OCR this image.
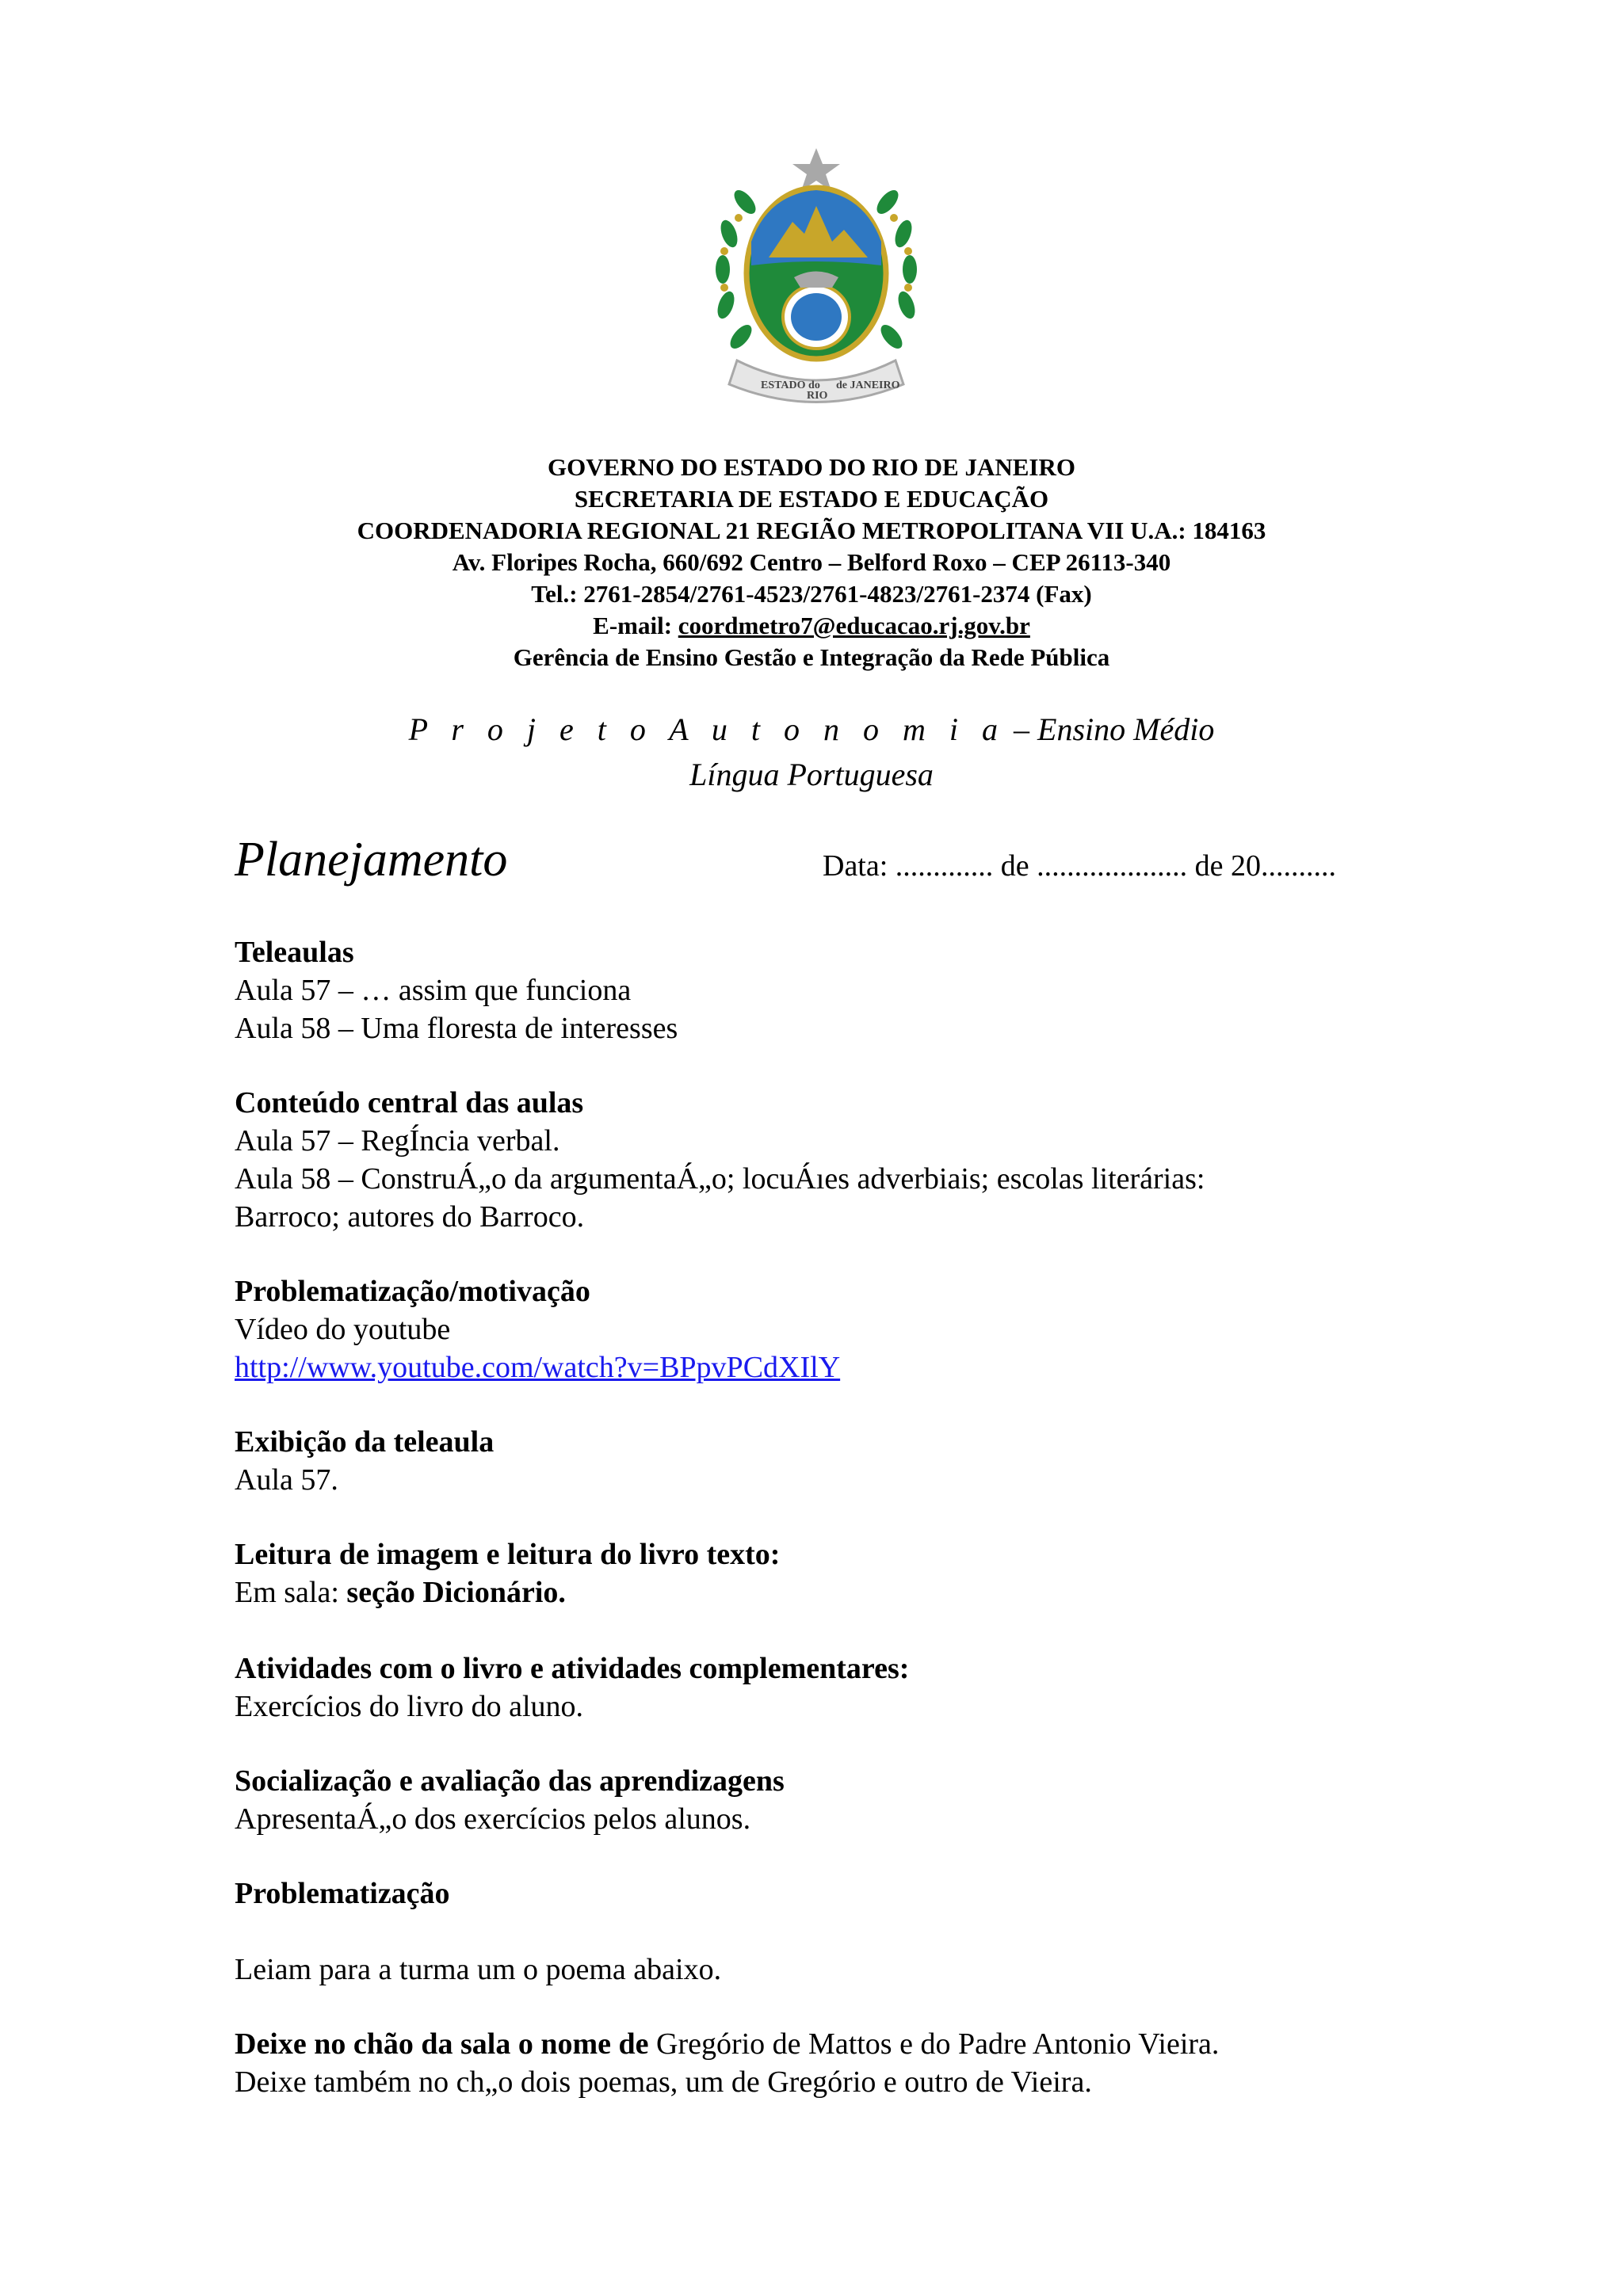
ESTADO do
RIO
de JANEIRO
GOVERNO DO ESTADO DO RIO DE JANEIRO
SECRETARIA DE ESTADO E EDUCAÇÃO
COORDENADORIA REGIONAL 21 REGIÃO METROPOLITANA VII U.A.: 184163
Av. Floripes Rocha, 660/692 Centro – Belford Roxo – CEP 26113-340
Tel.: 2761-2854/2761-4523/2761-4823/2761-2374 (Fax)
E-mail: coordmetro7@educacao.rj.gov.br
Gerência de Ensino Gestão e Integração da Rede Pública
P r o j e t o A u t o n o m i a – Ensino Médio
Língua Portuguesa
Planejamento	Data: ............. de .................... de 20..........
Teleaulas
Aula 57 – … assim que funciona
Aula 58 – Uma floresta de interesses
Conteúdo central das aulas
Aula 57 – RegÍncia verbal.
Aula 58 – ConstruÁ„o da argumentaÁ„o; locuÁıes adverbiais; escolas literárias:
Barroco; autores do Barroco.
Problematização/motivação
Vídeo do youtube
http://www.youtube.com/watch?v=BPpvPCdXIlY
Exibição da teleaula
Aula 57.
Leitura de imagem e leitura do livro texto:
Em sala: seção Dicionário.
Atividades com o livro e atividades complementares:
Exercícios do livro do aluno.
Socialização e avaliação das aprendizagens
ApresentaÁ„o dos exercícios pelos alunos.
Problematização
Leiam para a turma um o poema abaixo.
Deixe no chão da sala o nome de Gregório de Mattos e do Padre Antonio Vieira.
Deixe também no ch„o dois poemas, um de Gregório e outro de Vieira.
